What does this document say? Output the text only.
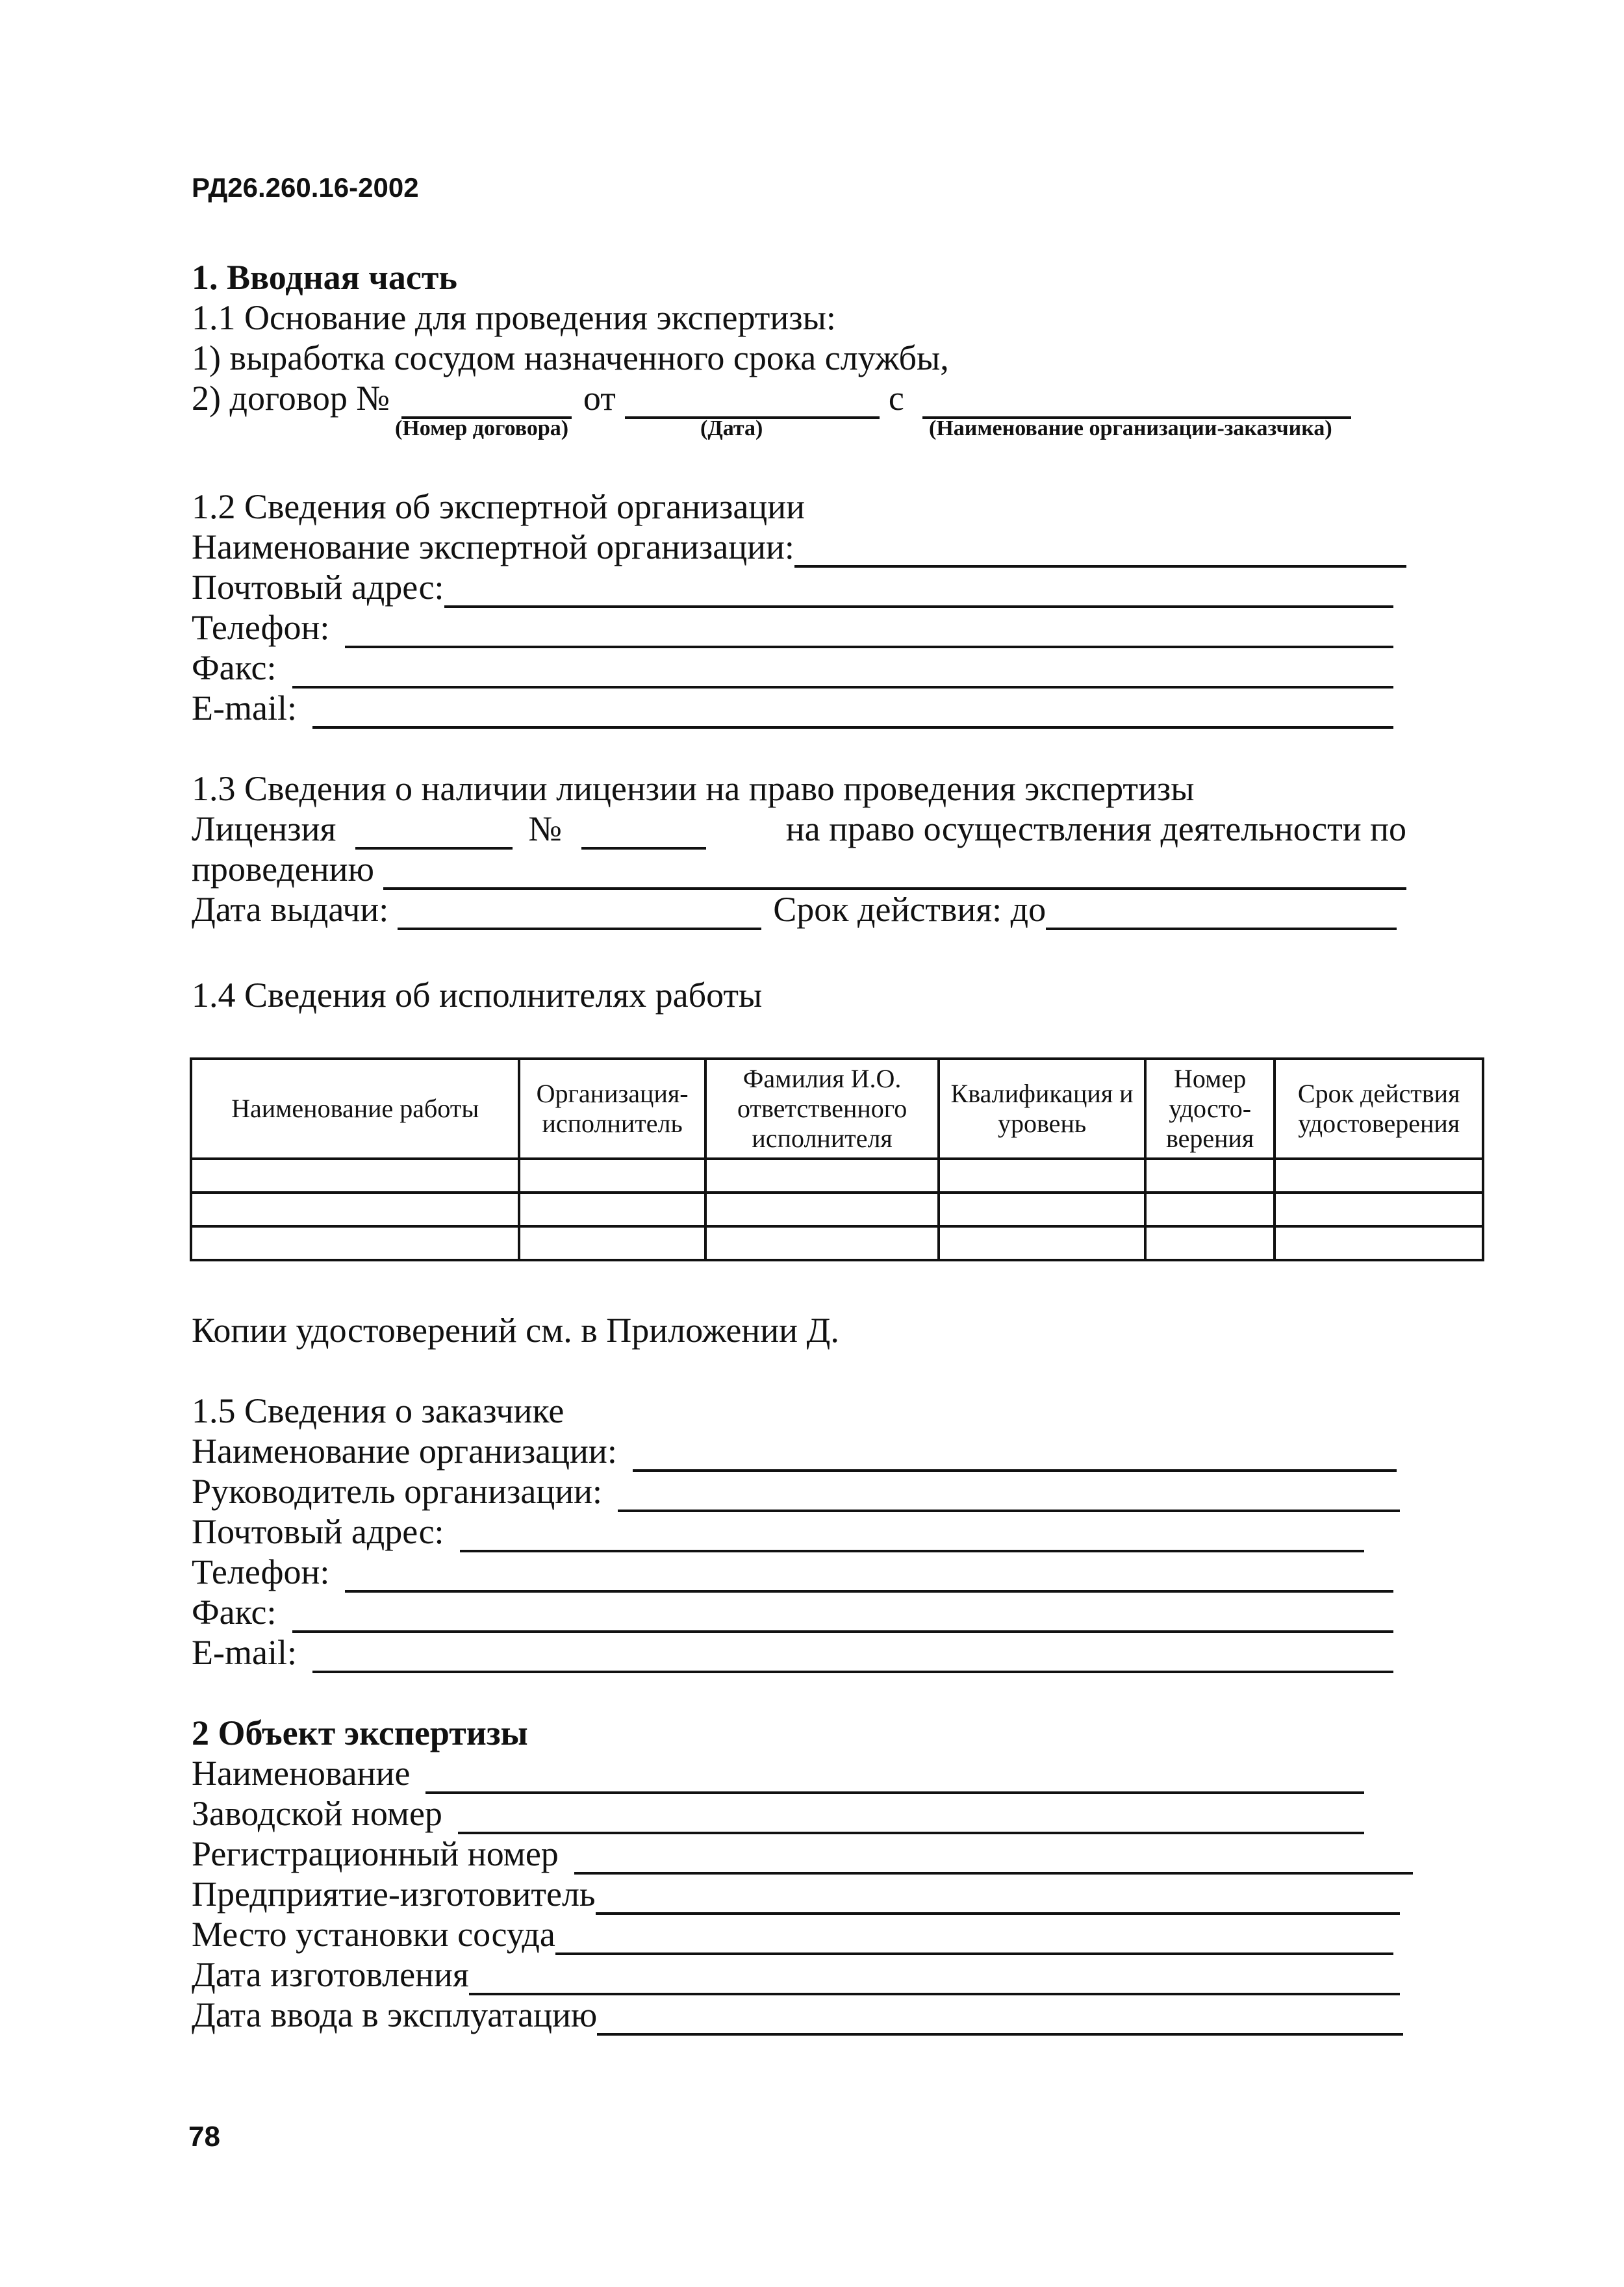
РД26.260.16-2002
1. Вводная часть
1.1 Основание для проведения экспертизы:
1) выработка сосудом назначенного срока службы,
2) договор №	от	с
(Номер договора)	(Дата)	(Наименование организации-заказчика)
1.2 Сведения об экспертной организации
Наименование экспертной организации:
Почтовый адрес:
Телефон:
Факс:
E-mail:
1.3 Сведения о наличии лицензии на право проведения экспертизы
Лицензия	№	на право осуществления деятельности по
проведению
Дата выдачи:	Срок действия: до
1.4 Сведения об исполнителях работы
Наименование работы	Организация-исполнитель	Фамилия И.О. ответственного исполнителя	Квалификация и уровень	Номер удосто-верения	Срок действия удостоверения

Копии удостоверений см. в Приложении Д.
1.5 Сведения о заказчике
Наименование организации:
Руководитель организации:
Почтовый адрес:
Телефон:
Факс:
E-mail:
2 Объект экспертизы
Наименование
Заводской номер
Регистрационный номер
Предприятие-изготовитель
Место установки сосуда
Дата изготовления
Дата ввода в эксплуатацию
78
